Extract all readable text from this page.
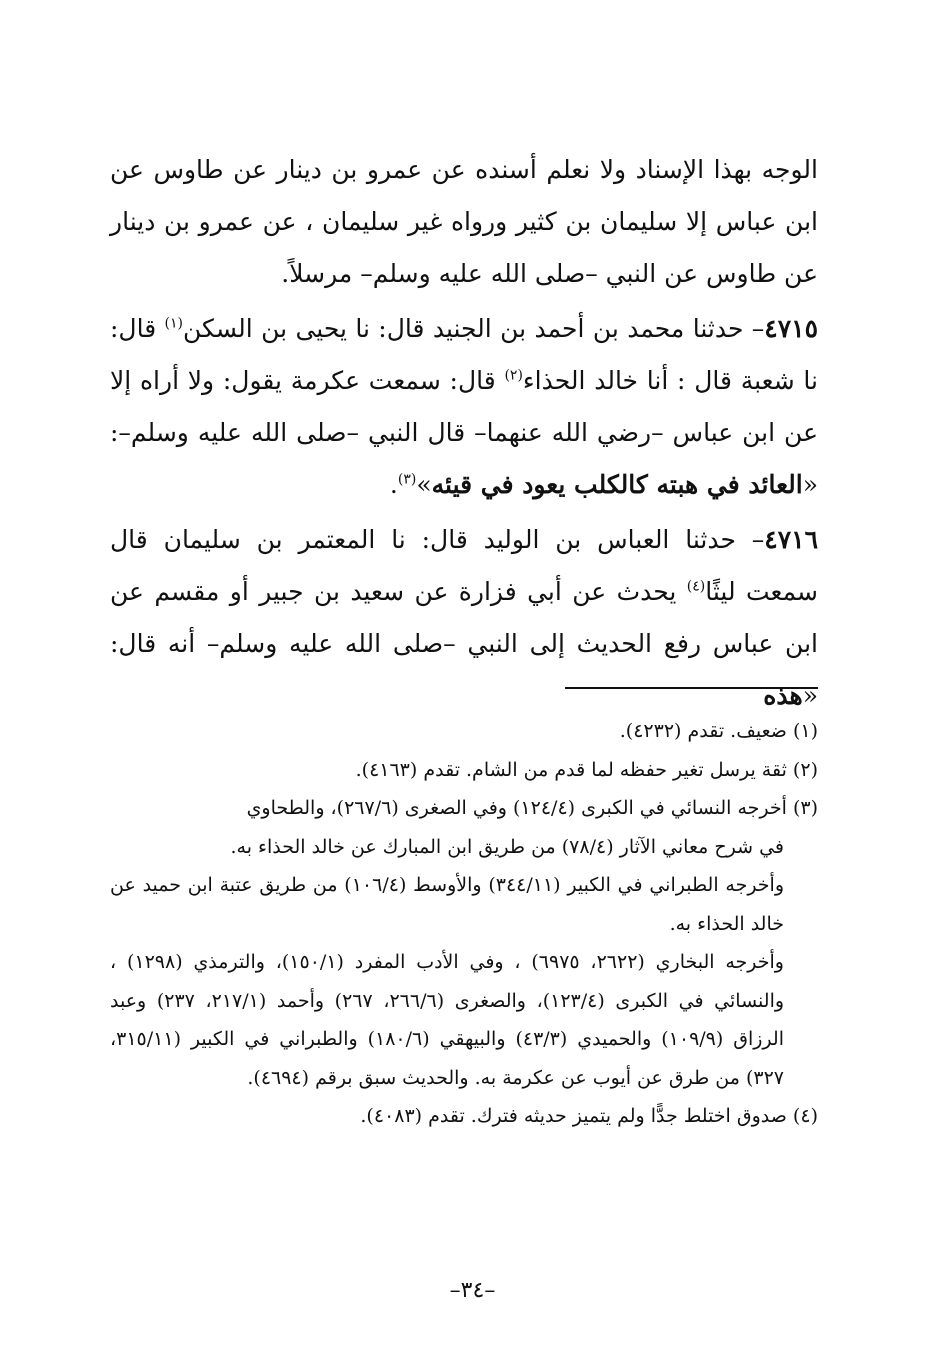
الوجه بهذا الإسناد ولا نعلم أسنده عن عمرو بن دينار عن طاوس عن ابن عباس إلا سليمان بن كثير ورواه غير سليمان ، عن عمرو بن دينار عن طاوس عن النبي –صلى الله عليه وسلم– مرسلاً.

٤٧١٥– حدثنا محمد بن أحمد بن الجنيد قال: نا يحيى بن السكن$^{(١)}$ قال: نا شعبة قال : أنا خالد الحذاء$^{(٢)}$ قال: سمعت عكرمة يقول: ولا أراه إلا عن ابن عباس –رضي الله عنهما– قال النبي –صلى الله عليه وسلم–: «العائد في هبته كالكلب يعود في قيئه»$^{(٣)}$.

٤٧١٦– حدثنا العباس بن الوليد قال: نا المعتمر بن سليمان قال سمعت ليثًا$^{(٤)}$ يحدث عن أبي فزارة عن سعيد بن جبير أو مقسم عن ابن عباس رفع الحديث إلى النبي –صلى الله عليه وسلم– أنه قال: «هذه

(١) ضعيف. تقدم (٤٢٣٢).

(٢) ثقة يرسل تغير حفظه لما قدم من الشام. تقدم (٤١٦٣).

(٣) أخرجه النسائي في الكبرى (١٢٤/٤) وفي الصغرى (٢٦٧/٦)، والطحاوي

في شرح معاني الآثار (٧٨/٤) من طريق ابن المبارك عن خالد الحذاء به.

وأخرجه الطبراني في الكبير (٣٤٤/١١) والأوسط (١٠٦/٤) من طريق عتبة ابن حميد عن خالد الحذاء به.

وأخرجه البخاري (٢٦٢٢، ٦٩٧٥) ، وفي الأدب المفرد (١٥٠/١)، والترمذي (١٢٩٨) ، والنسائي في الكبرى (١٢٣/٤)، والصغرى (٢٦٦/٦، ٢٦٧) وأحمد (٢١٧/١، ٢٣٧) وعبد الرزاق (١٠٩/٩) والحميدي (٤٣/٣) والبيهقي (١٨٠/٦) والطبراني في الكبير (٣١٥/١١، ٣٢٧) من طرق عن أيوب عن عكرمة به. والحديث سبق برقم (٤٦٩٤).

(٤) صدوق اختلط جدًّا ولم يتميز حديثه فترك. تقدم (٤٠٨٣).

–٣٤–
